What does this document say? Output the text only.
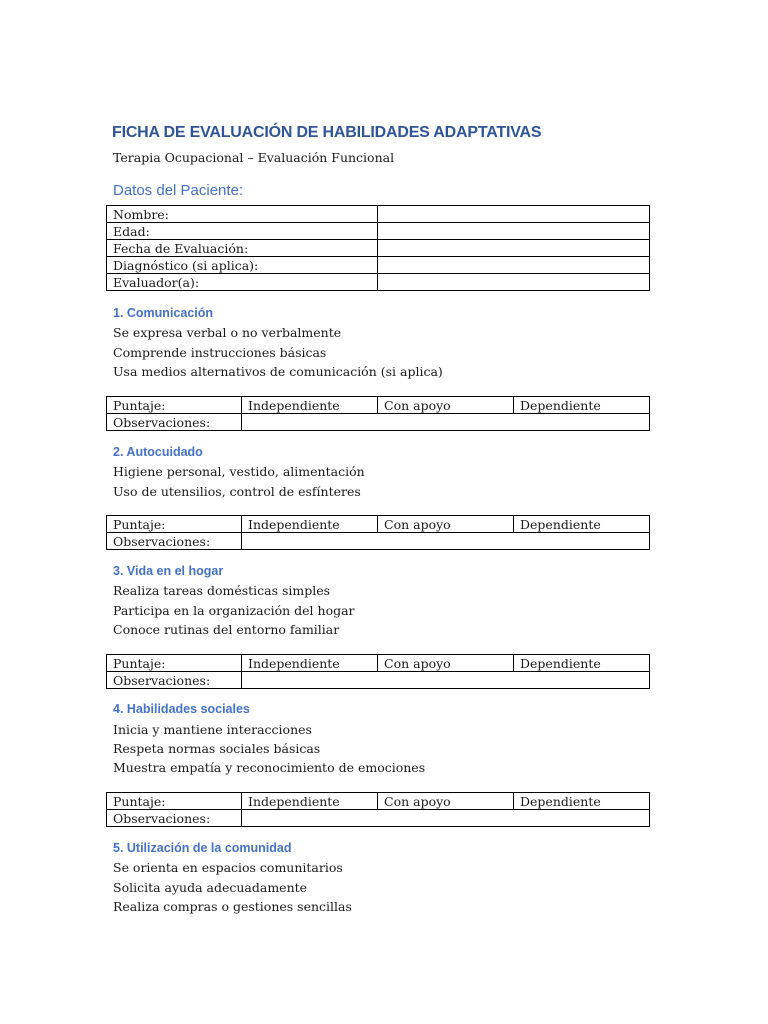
FICHA DE EVALUACIÓN DE HABILIDADES ADAPTATIVAS
Terapia Ocupacional – Evaluación Funcional
Datos del Paciente:
Nombre:	
Edad:	
Fecha de Evaluación:	
Diagnóstico (si aplica):	
Evaluador(a):	
1. Comunicación
Se expresa verbal o no verbalmente
Comprende instrucciones básicas
Usa medios alternativos de comunicación (si aplica)
Puntaje:	Independiente	Con apoyo	Dependiente
Observaciones:			
2. Autocuidado
Higiene personal, vestido, alimentación
Uso de utensilios, control de esfínteres
Puntaje:	Independiente	Con apoyo	Dependiente
Observaciones:			
3. Vida en el hogar
Realiza tareas domésticas simples
Participa en la organización del hogar
Conoce rutinas del entorno familiar
Puntaje:	Independiente	Con apoyo	Dependiente
Observaciones:			
4. Habilidades sociales
Inicia y mantiene interacciones
Respeta normas sociales básicas
Muestra empatía y reconocimiento de emociones
Puntaje:	Independiente	Con apoyo	Dependiente
Observaciones:			
5. Utilización de la comunidad
Se orienta en espacios comunitarios
Solicita ayuda adecuadamente
Realiza compras o gestiones sencillas
